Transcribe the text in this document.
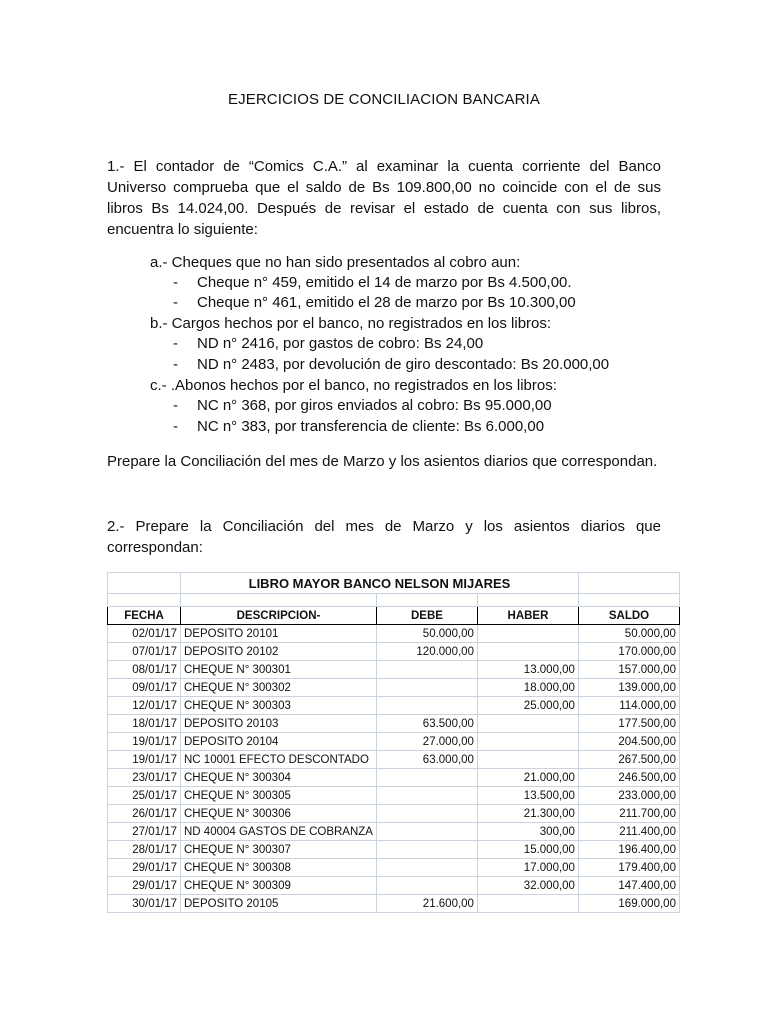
EJERCICIOS DE CONCILIACION BANCARIA
1.- El contador de “Comics C.A.” al examinar la cuenta corriente del Banco Universo comprueba que el saldo de Bs 109.800,00 no coincide con el de sus libros Bs 14.024,00. Después de revisar el estado de cuenta con sus libros, encuentra lo siguiente:
a.- Cheques que no han sido presentados al cobro aun:
- Cheque n° 459, emitido el 14 de marzo por Bs 4.500,00.
- Cheque n° 461, emitido el 28 de marzo por Bs 10.300,00
b.- Cargos hechos por el banco, no registrados en los libros:
- ND n° 2416, por gastos de cobro: Bs 24,00
- ND n° 2483, por devolución de giro descontado: Bs 20.000,00
c.- .Abonos hechos por el banco, no registrados en los libros:
- NC n° 368, por giros enviados al cobro: Bs 95.000,00
- NC n° 383, por transferencia de cliente: Bs 6.000,00
Prepare la Conciliación del mes de Marzo y los asientos diarios que correspondan.
2.- Prepare la Conciliación del mes de Marzo y los asientos diarios que correspondan:
	LIBRO MAYOR BANCO NELSON MIJARES			

FECHA	DESCRIPCION-	DEBE	HABER	SALDO
02/01/17	DEPOSITO 20101	50.000,00		50.000,00
07/01/17	DEPOSITO 20102	120.000,00		170.000,00
08/01/17	CHEQUE N° 300301		13.000,00	157.000,00
09/01/17	CHEQUE N° 300302		18.000,00	139.000,00
12/01/17	CHEQUE N° 300303		25.000,00	114.000,00
18/01/17	DEPOSITO 20103	63.500,00		177.500,00
19/01/17	DEPOSITO 20104	27.000,00		204.500,00
19/01/17	NC 10001 EFECTO DESCONTADO	63.000,00		267.500,00
23/01/17	CHEQUE N° 300304		21.000,00	246.500,00
25/01/17	CHEQUE N° 300305		13.500,00	233.000,00
26/01/17	CHEQUE N° 300306		21.300,00	211.700,00
27/01/17	ND 40004 GASTOS DE COBRANZA		300,00	211.400,00
28/01/17	CHEQUE N° 300307		15.000,00	196.400,00
29/01/17	CHEQUE N° 300308		17.000,00	179.400,00
29/01/17	CHEQUE N° 300309		32.000,00	147.400,00
30/01/17	DEPOSITO 20105	21.600,00		169.000,00
